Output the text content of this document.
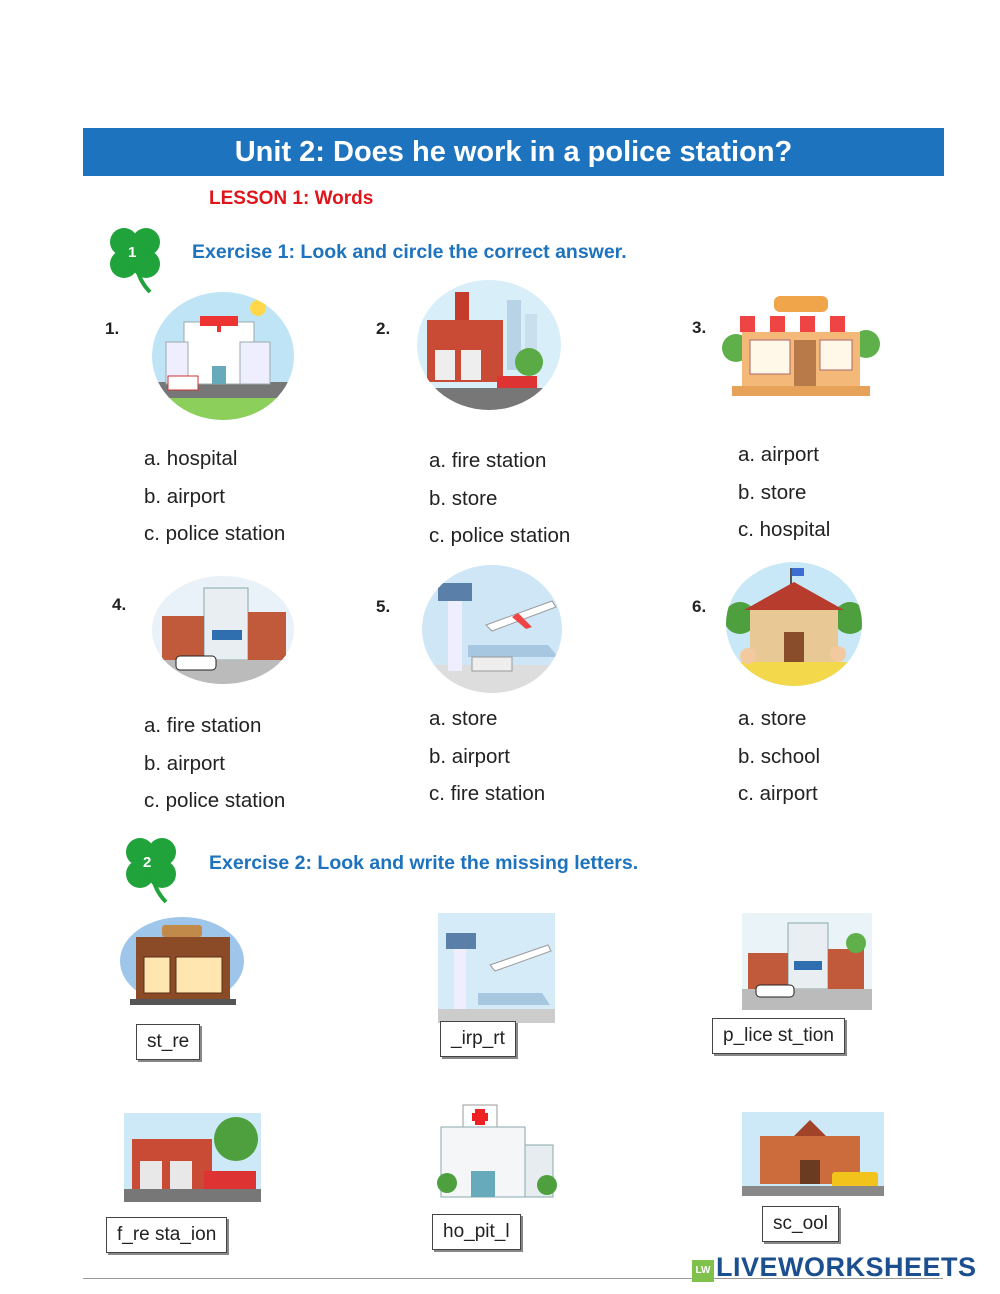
Unit 2: Does he work in a police station?
LESSON 1: Words
1	Exercise 1: Look and circle the correct answer.
1.	2.	3.
4.	5.	6.
a. hospital
b. airport
c. police station
a. fire station
b. store
c. police station
a. airport
b. store
c. hospital
a. fire station
b. airport
c. police station
a. store
b. airport
c. fire station
a. store
b. school
c. airport
2	Exercise 2: Look and write the missing letters.
st_re	_irp_rt	p_lice st_tion
f_re sta_ion	ho_pit_l	sc_ool
LW LIVEWORKSHEETS
